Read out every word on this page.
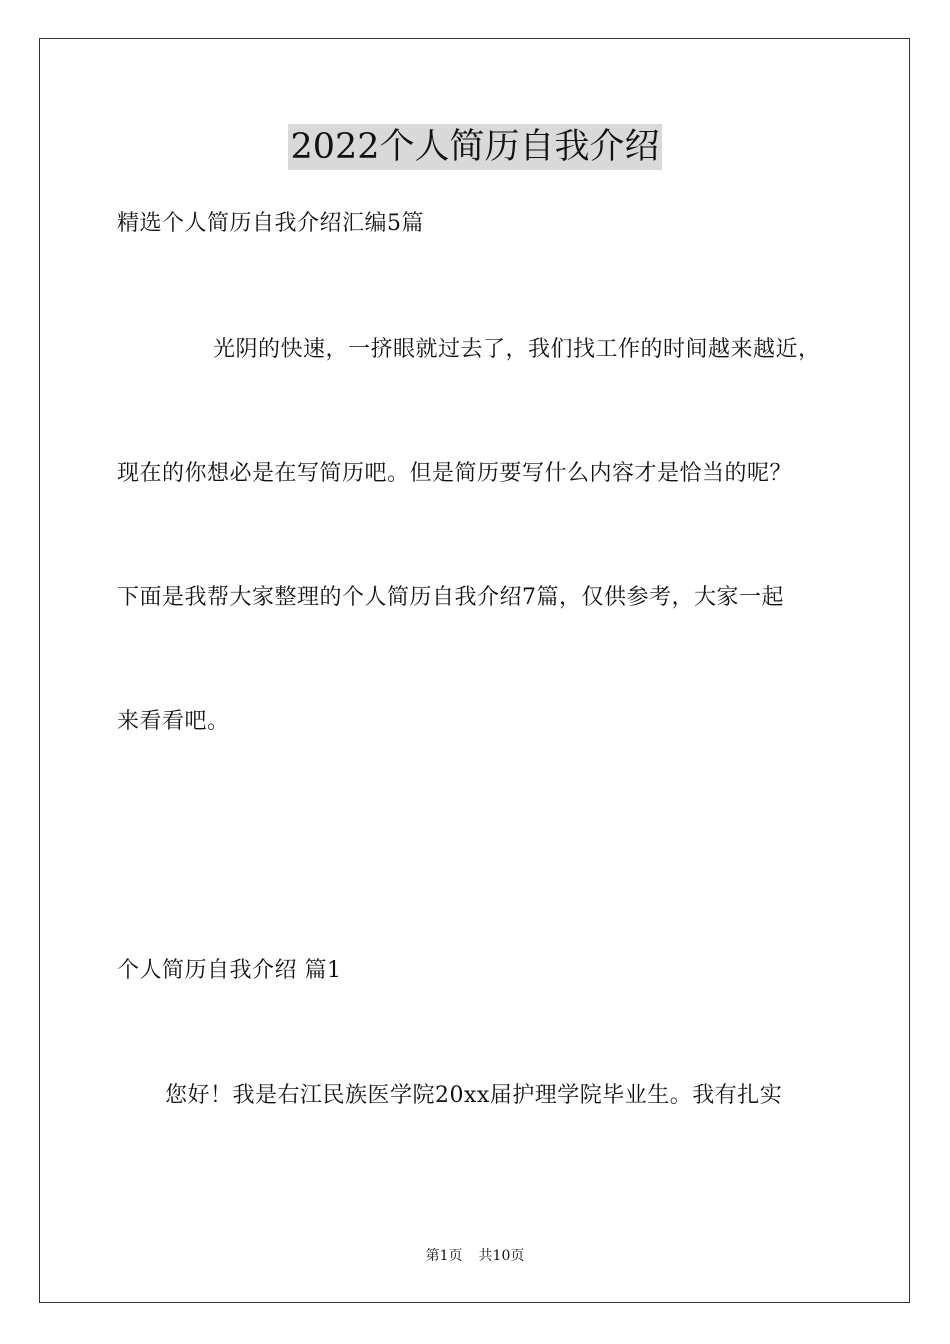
2022个人简历自我介绍

精选个人简历自我介绍汇编5篇

光阴的快速，一挤眼就过去了，我们找工作的时间越来越近，

现在的你想必是在写简历吧。但是简历要写什么内容才是恰当的呢？

下面是我帮大家整理的个人简历自我介绍7篇，仅供参考，大家一起

来看看吧。

个人简历自我介绍 篇1

您好！我是右江民族医学院20xx届护理学院毕业生。我有扎实

第1页 共10页
